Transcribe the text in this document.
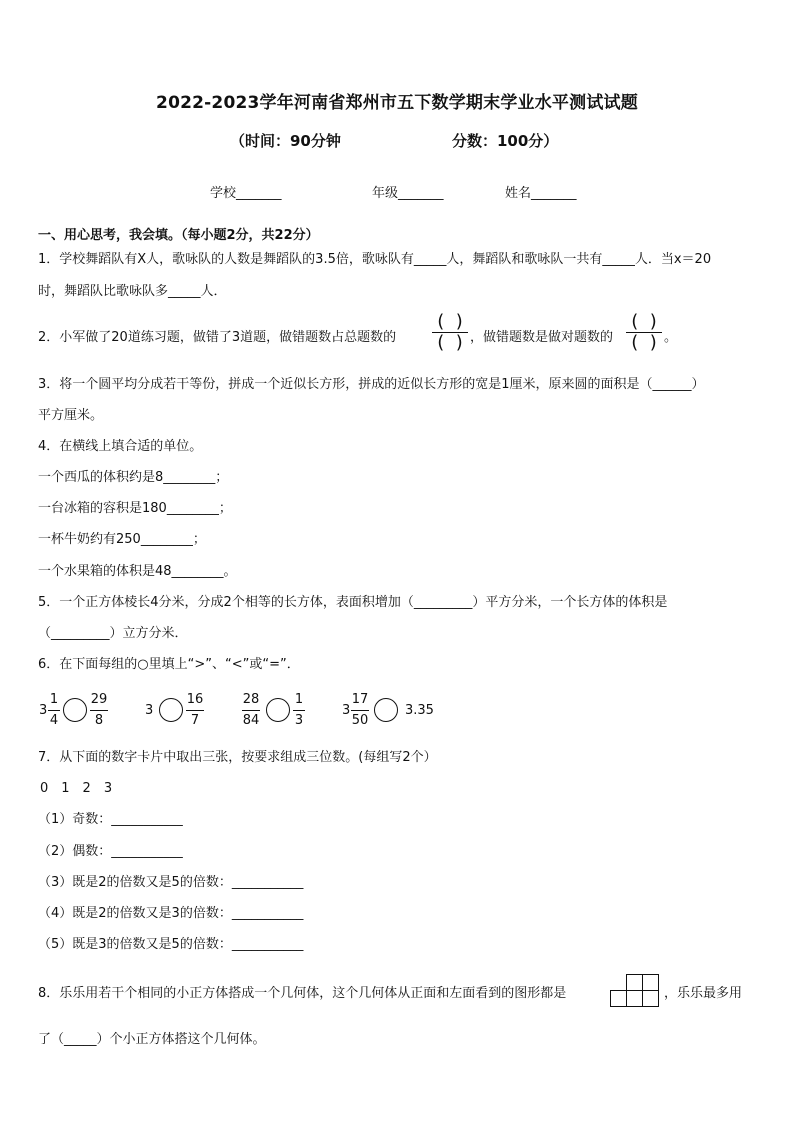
2022-2023学年河南省郑州市五下数学期末学业水平测试试题
（时间：90分钟	分数：100分）
学校_______	年级_______	姓名_______
一、用心思考，我会填。（每小题2分，共22分）
1．学校舞蹈队有X人，歌咏队的人数是舞蹈队的3.5倍，歌咏队有_____人，舞蹈队和歌咏队一共有_____人．当x＝20
时，舞蹈队比歌咏队多_____人．
2．小军做了20道练习题，做错了3道题，做错题数占总题数的
(  )
(  ) ，做错题数是做对题数的
(  )
(  ) 。
3．将一个圆平均分成若干等份，拼成一个近似长方形，拼成的近似长方形的宽是1厘米，原来圆的面积是（______）
平方厘米。
4．在横线上填合适的单位。
一个西瓜的体积约是8________；
一台冰箱的容积是180________；
一杯牛奶约有250________；
一个水果箱的体积是48________。
5．一个正方体棱长4分米，分成2个相等的长方体，表面积增加（_________）平方分米，一个长方体的体积是
（_________）立方分米．
6．在下面每组的○里填上“>”、“<”或“=”．
3
1
4
29
8
3
16
7
28
84
1
3
3
17
50
3.35
7．从下面的数字卡片中取出三张，按要求组成三位数。(每组写2个）
0　1　2　3
（1）奇数：___________
（2）偶数：___________
（3）既是2的倍数又是5的倍数：___________
（4）既是2的倍数又是3的倍数：___________
（5）既是3的倍数又是5的倍数：___________
8．乐乐用若干个相同的小正方体搭成一个几何体，这个几何体从正面和左面看到的图形都是	，乐乐最多用
了（_____）个小正方体搭这个几何体。
